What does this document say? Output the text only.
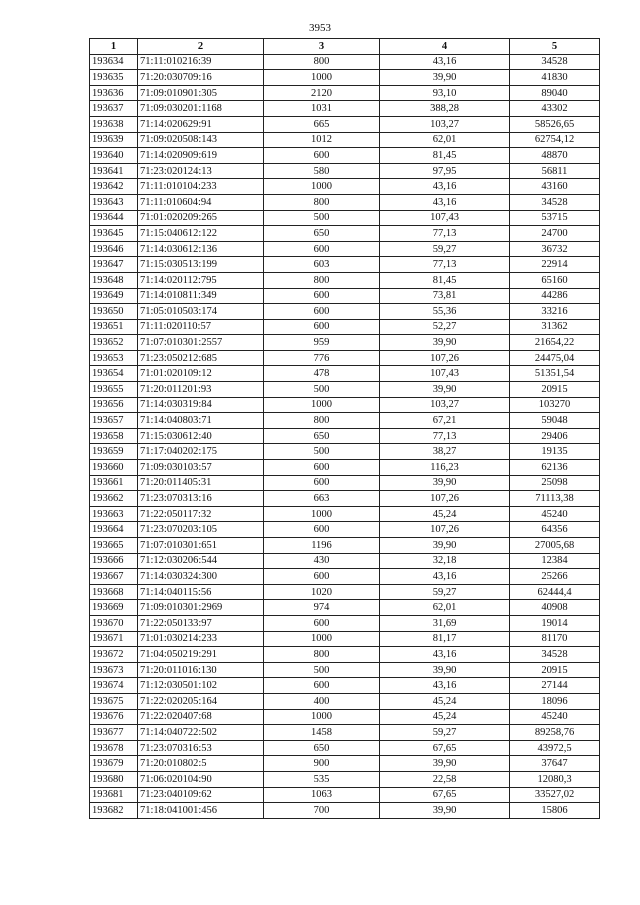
3953
1	2	3	4	5
193634	71:11:010216:39	800	43,16	34528
193635	71:20:030709:16	1000	39,90	41830
193636	71:09:010901:305	2120	93,10	89040
193637	71:09:030201:1168	1031	388,28	43302
193638	71:14:020629:91	665	103,27	58526,65
193639	71:09:020508:143	1012	62,01	62754,12
193640	71:14:020909:619	600	81,45	48870
193641	71:23:020124:13	580	97,95	56811
193642	71:11:010104:233	1000	43,16	43160
193643	71:11:010604:94	800	43,16	34528
193644	71:01:020209:265	500	107,43	53715
193645	71:15:040612:122	650	77,13	24700
193646	71:14:030612:136	600	59,27	36732
193647	71:15:030513:199	603	77,13	22914
193648	71:14:020112:795	800	81,45	65160
193649	71:14:010811:349	600	73,81	44286
193650	71:05:010503:174	600	55,36	33216
193651	71:11:020110:57	600	52,27	31362
193652	71:07:010301:2557	959	39,90	21654,22
193653	71:23:050212:685	776	107,26	24475,04
193654	71:01:020109:12	478	107,43	51351,54
193655	71:20:011201:93	500	39,90	20915
193656	71:14:030319:84	1000	103,27	103270
193657	71:14:040803:71	800	67,21	59048
193658	71:15:030612:40	650	77,13	29406
193659	71:17:040202:175	500	38,27	19135
193660	71:09:030103:57	600	116,23	62136
193661	71:20:011405:31	600	39,90	25098
193662	71:23:070313:16	663	107,26	71113,38
193663	71:22:050117:32	1000	45,24	45240
193664	71:23:070203:105	600	107,26	64356
193665	71:07:010301:651	1196	39,90	27005,68
193666	71:12:030206:544	430	32,18	12384
193667	71:14:030324:300	600	43,16	25266
193668	71:14:040115:56	1020	59,27	62444,4
193669	71:09:010301:2969	974	62,01	40908
193670	71:22:050133:97	600	31,69	19014
193671	71:01:030214:233	1000	81,17	81170
193672	71:04:050219:291	800	43,16	34528
193673	71:20:011016:130	500	39,90	20915
193674	71:12:030501:102	600	43,16	27144
193675	71:22:020205:164	400	45,24	18096
193676	71:22:020407:68	1000	45,24	45240
193677	71:14:040722:502	1458	59,27	89258,76
193678	71:23:070316:53	650	67,65	43972,5
193679	71:20:010802:5	900	39,90	37647
193680	71:06:020104:90	535	22,58	12080,3
193681	71:23:040109:62	1063	67,65	33527,02
193682	71:18:041001:456	700	39,90	15806
